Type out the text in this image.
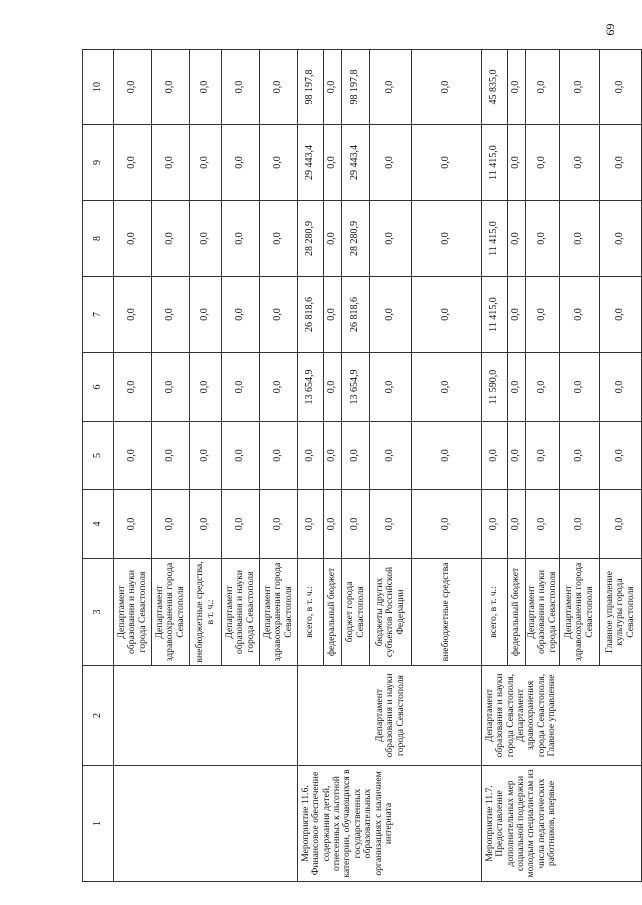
69
1	2	3	4	5	6	7	8	9	10
		Департамент образования и науки города Севастополя	0,0	0,0	0,0	0,0	0,0	0,0	0,0
		Департамент здравоохранения города Севастополя	0,0	0,0	0,0	0,0	0,0	0,0	0,0
		внебюджетные средства, в т. ч.:	0,0	0,0	0,0	0,0	0,0	0,0	0,0
		Департамент образования и науки города Севастополя	0,0	0,0	0,0	0,0	0,0	0,0	0,0
		Департамент здравоохранения города Севастополя	0,0	0,0	0,0	0,0	0,0	0,0	0,0
Мероприятие 11.6. Финансовое обеспечение содержания детей, отнесенных к льготной категории, обучающихся в государственных образовательных организациях с наличием интерната	Департамент образования и науки города Севастополя	всего, в т. ч.:	0,0	0,0	13 654,9	26 818,6	28 280,9	29 443,4	98 197,8
		федеральный бюджет	0,0	0,0	0,0	0,0	0,0	0,0	0,0
		бюджет города Севастополя	0,0	0,0	13 654,9	26 818,6	28 280,9	29 443,4	98 197,8
		бюджеты других субъектов Российской Федерации	0,0	0,0	0,0	0,0	0,0	0,0	0,0
		внебюджетные средства	0,0	0,0	0,0	0,0	0,0	0,0	0,0
Мероприятие 11.7. Предоставление дополнительных мер социальной поддержки молодым специалистам из числа педагогических работников, впервые	Департамент образования и науки города Севастополя, Департамент здравоохранения города Севастополя, Главное управление	всего, в т. ч.:	0,0	0,0	11 590,0	11 415,0	11 415,0	11 415,0	45 835,0
		федеральный бюджет	0,0	0,0	0,0	0,0	0,0	0,0	0,0
		Департамент образования и науки города Севастополя	0,0	0,0	0,0	0,0	0,0	0,0	0,0
		Департамент здравоохранения города Севастополя	0,0	0,0	0,0	0,0	0,0	0,0	0,0
		Главное управление культуры города Севастополя	0,0	0,0	0,0	0,0	0,0	0,0	0,0
